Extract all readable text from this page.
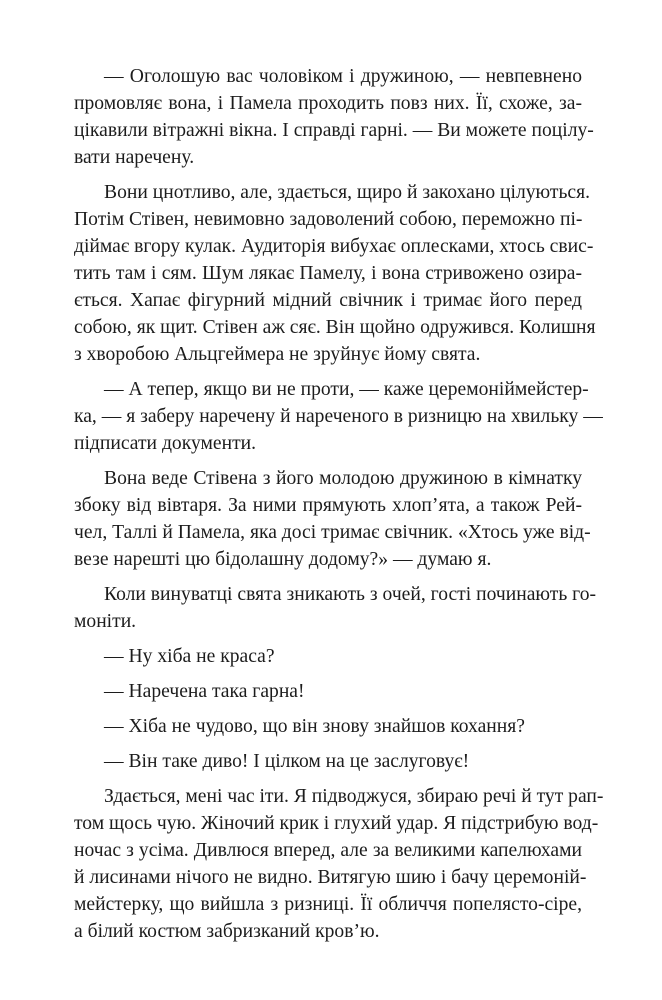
— Оголошую вас чоловіком і дружиною, — невпевнено
промовляє вона, і Памела проходить повз них. Її, схоже, за-
цікавили вітражні вікна. І справді гарні. — Ви можете поцілу-
вати наречену.
Вони цнотливо, але, здається, щиро й закохано цілуються.
Потім Стівен, невимовно задоволений собою, переможно пі-
діймає вгору кулак. Аудиторія вибухає оплесками, хтось свис-
тить там і сям. Шум лякає Памелу, і вона стривожено озира-
ється. Хапає фігурний мідний свічник і тримає його перед
собою, як щит. Стівен аж сяє. Він щойно одружився. Колишня
з хворобою Альцгеймера не зруйнує йому свята.
— А тепер, якщо ви не проти, — каже церемоніймейстер-
ка, — я заберу наречену й нареченого в ризницю на хвильку —
підписати документи.
Вона веде Стівена з його молодою дружиною в кімнатку
збоку від вівтаря. За ними прямують хлоп’ята, а також Рей-
чел, Таллі й Памела, яка досі тримає свічник. «Хтось уже від-
везе нарешті цю бідолашну додому?» — думаю я.
Коли винуватці свята зникають з очей, гості починають го-
моніти.
— Ну хіба не краса?
— Наречена така гарна!
— Хіба не чудово, що він знову знайшов кохання?
— Він таке диво! І цілком на це заслуговує!
Здається, мені час іти. Я підводжуся, збираю речі й тут рап-
том щось чую. Жіночий крик і глухий удар. Я підстрибую вод-
ночас з усіма. Дивлюся вперед, але за великими капелюхами
й лисинами нічого не видно. Витягую шию і бачу церемоній-
мейстерку, що вийшла з ризниці. Її обличчя попелясто-сіре,
а білий костюм забризканий кров’ю.
